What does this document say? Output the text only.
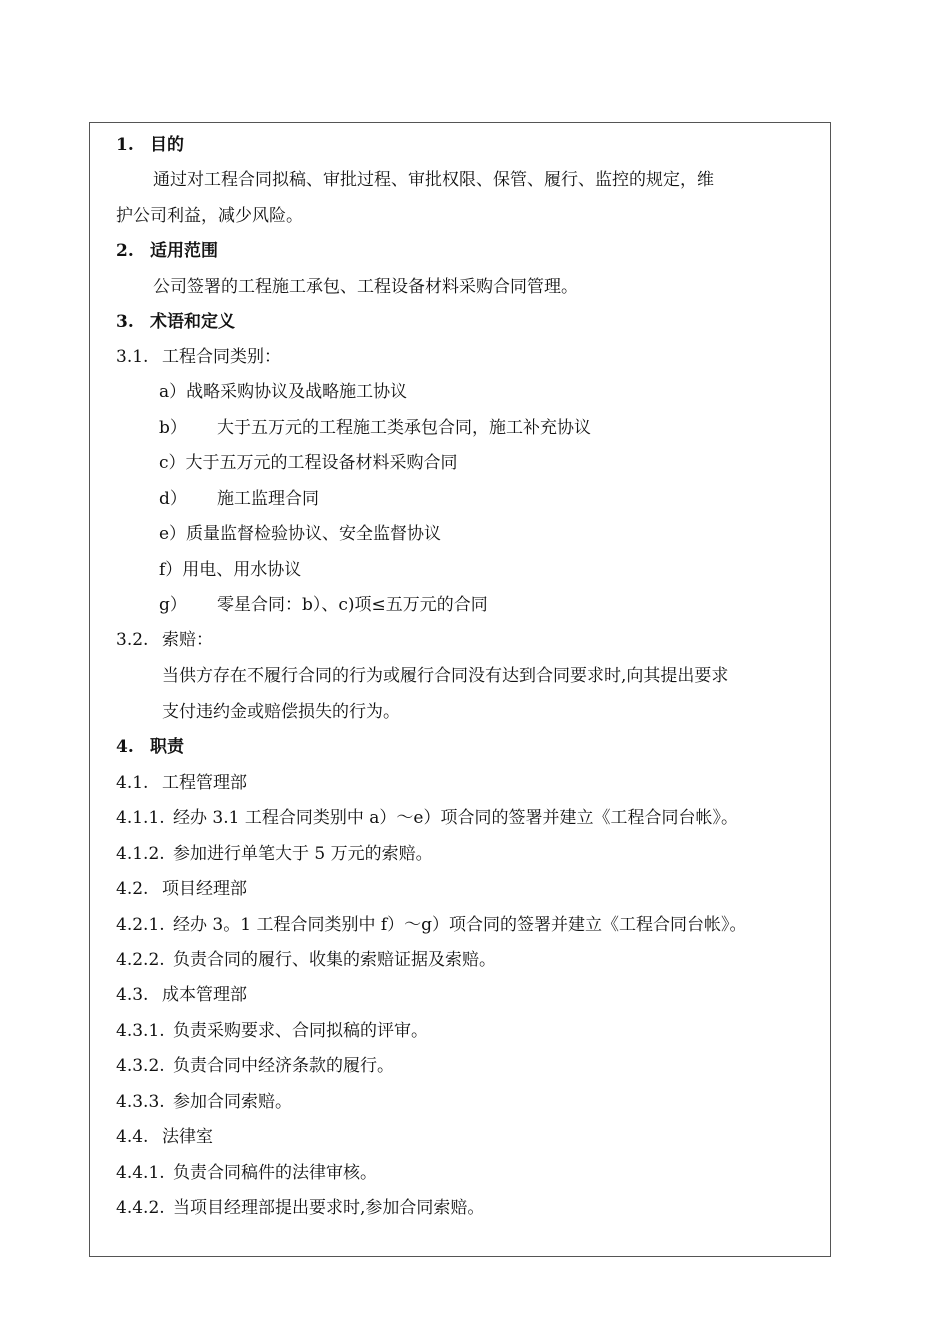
1. 目的
通过对工程合同拟稿、审批过程、审批权限、保管、履行、监控的规定，维
护公司利益，减少风险。
2. 适用范围
公司签署的工程施工承包、工程设备材料采购合同管理。
3. 术语和定义
3.1. 工程合同类别：
a）战略采购协议及战略施工协议
b） 大于五万元的工程施工类承包合同，施工补充协议
c）大于五万元的工程设备材料采购合同
d） 施工监理合同
e）质量监督检验协议、安全监督协议
f）用电、用水协议
g） 零星合同：b）、c)项≤五万元的合同
3.2. 索赔：
当供方存在不履行合同的行为或履行合同没有达到合同要求时,向其提出要求
支付违约金或赔偿损失的行为。
4. 职责
4.1. 工程管理部
4.1.1. 经办 3.1 工程合同类别中 a）～e）项合同的签署并建立《工程合同台帐》。
4.1.2. 参加进行单笔大于 5 万元的索赔。
4.2. 项目经理部
4.2.1. 经办 3。1 工程合同类别中 f）～g）项合同的签署并建立《工程合同台帐》。
4.2.2. 负责合同的履行、收集的索赔证据及索赔。
4.3. 成本管理部
4.3.1. 负责采购要求、合同拟稿的评审。
4.3.2. 负责合同中经济条款的履行。
4.3.3. 参加合同索赔。
4.4. 法律室
4.4.1. 负责合同稿件的法律审核。
4.4.2. 当项目经理部提出要求时,参加合同索赔。
